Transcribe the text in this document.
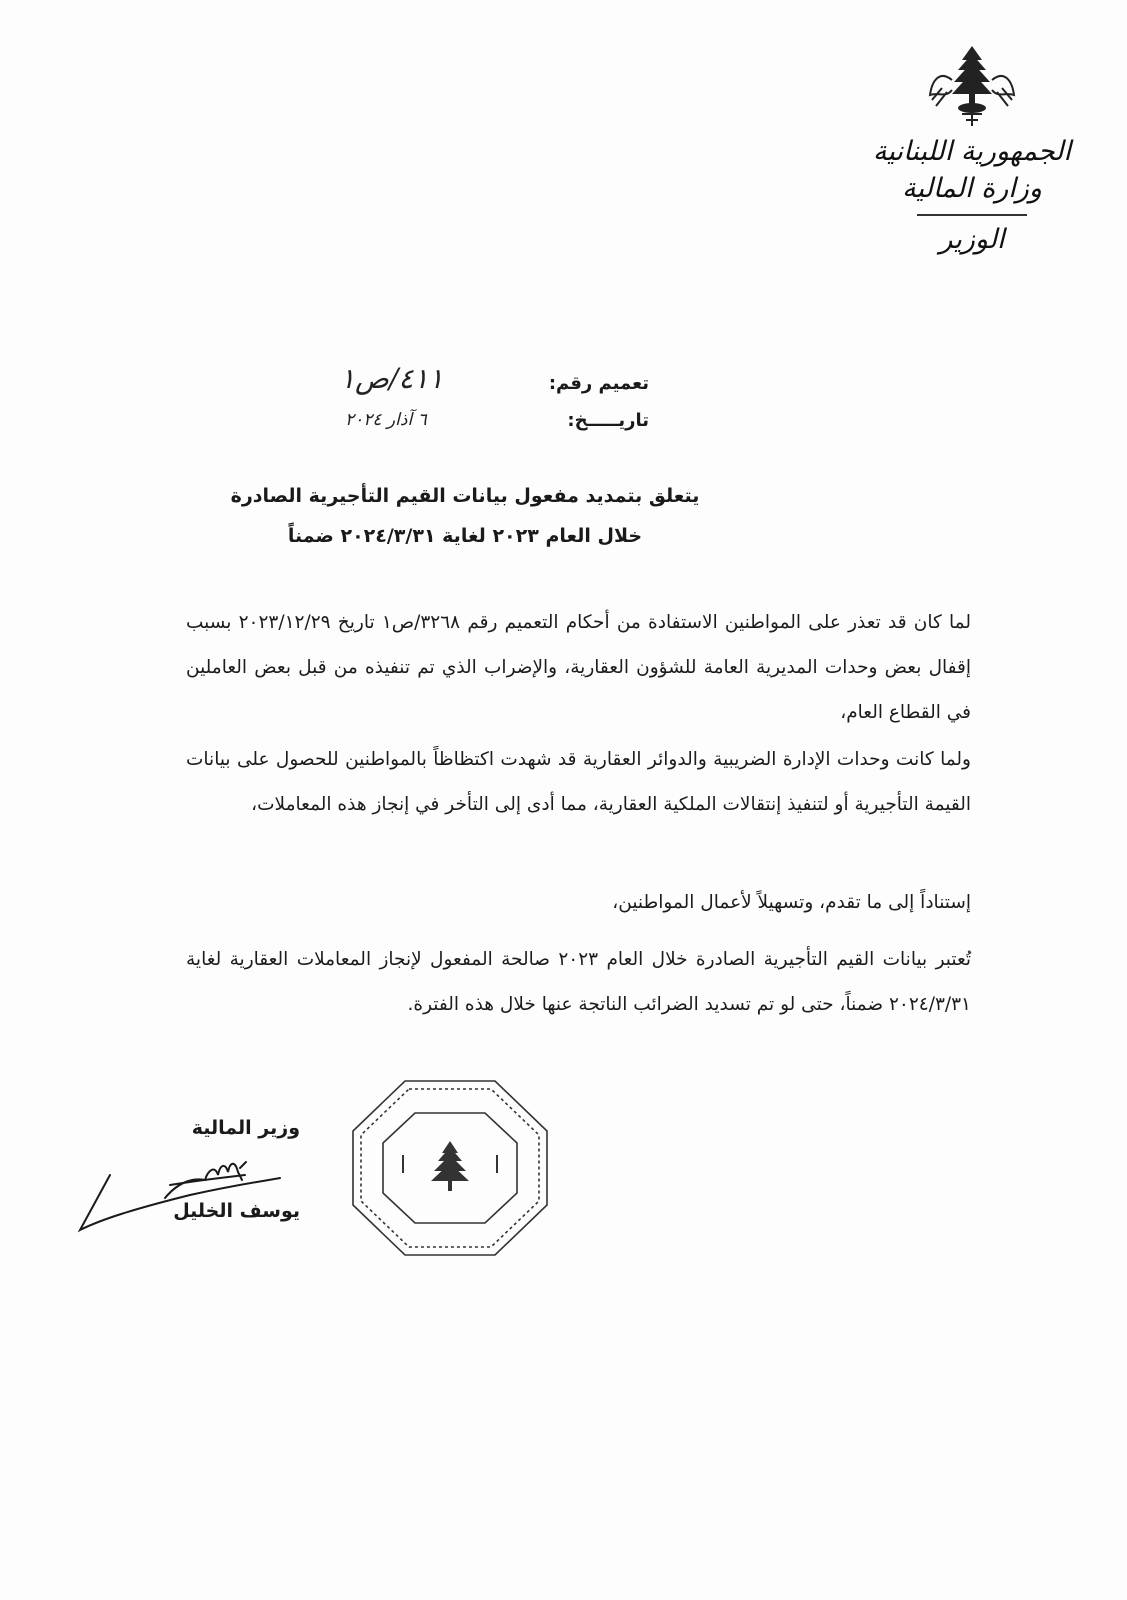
الجمهورية اللبنانية
وزارة المالية
الوزير
تعميم رقم:
٤١١/ص١
تاريـــــخ:
٦ آذار ٢٠٢٤
يتعلق بتمديد مفعول بيانات القيم التأجيرية الصادرة
خلال العام ٢٠٢٣ لغاية ٢٠٢٤/٣/٣١ ضمناً
لما كان قد تعذر على المواطنين الاستفادة من أحكام التعميم رقم ٣٢٦٨/ص١ تاريخ ٢٠٢٣/١٢/٢٩ بسبب إقفال بعض وحدات المديرية العامة للشؤون العقارية، والإضراب الذي تم تنفيذه من قبل بعض العاملين في القطاع العام،
ولما كانت وحدات الإدارة الضريبية والدوائر العقارية قد شهدت اكتظاظاً بالمواطنين للحصول على بيانات القيمة التأجيرية أو لتنفيذ إنتقالات الملكية العقارية، مما أدى إلى التأخر في إنجاز هذه المعاملات،
إستناداً إلى ما تقدم، وتسهيلاً لأعمال المواطنين،
تُعتبر بيانات القيم التأجيرية الصادرة خلال العام ٢٠٢٣ صالحة المفعول لإنجاز المعاملات العقارية لغاية ٢٠٢٤/٣/٣١ ضمناً، حتى لو تم تسديد الضرائب الناتجة عنها خلال هذه الفترة.
وزير المالية
يوسف الخليل
